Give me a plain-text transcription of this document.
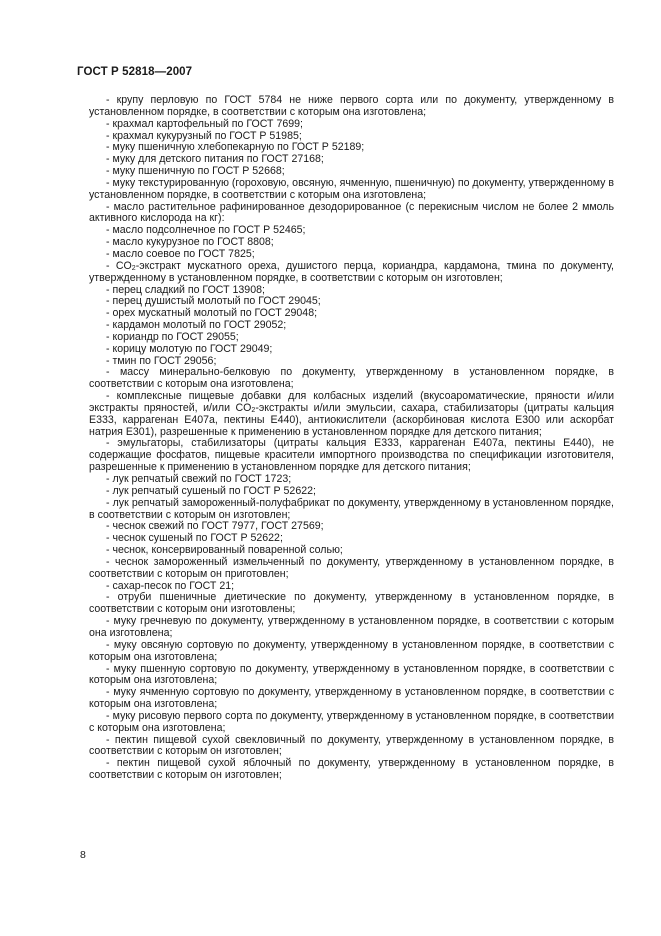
ГОСТ Р 52818—2007

- крупу перловую по ГОСТ 5784 не ниже первого сорта или по документу, утвержденному в установленном порядке, в соответствии с которым она изготовлена;

- крахмал картофельный по ГОСТ 7699;

- крахмал кукурузный по ГОСТ Р 51985;

- муку пшеничную хлебопекарную по ГОСТ Р 52189;

- муку для детского питания по ГОСТ 27168;

- муку пшеничную по ГОСТ Р 52668;

- муку текстурированную (гороховую, овсяную, ячменную, пшеничную) по документу, утвержденному в установленном порядке, в соответствии с которым она изготовлена;

- масло растительное рафинированное дезодорированное (с перекисным числом не более 2 ммоль активного кислорода на кг):

- масло подсолнечное по ГОСТ Р 52465;

- масло кукурузное по ГОСТ 8808;

- масло соевое по ГОСТ 7825;

- $CO_2$-экстракт мускатного ореха, душистого перца, кориандра, кардамона, тмина по документу, утвержденному в установленном порядке, в соответствии с которым он изготовлен;

- перец сладкий по ГОСТ 13908;

- перец душистый молотый по ГОСТ 29045;

- орех мускатный молотый по ГОСТ 29048;

- кардамон молотый по ГОСТ 29052;

- кориандр по ГОСТ 29055;

- корицу молотую по ГОСТ 29049;

- тмин по ГОСТ 29056;

- массу минерально-белковую по документу, утвержденному в установленном порядке, в соответствии с которым она изготовлена;

- комплексные пищевые добавки для колбасных изделий (вкусоароматические, пряности и/или экстракты пряностей, и/или $CO_2$-экстракты и/или эмульсии, сахара, стабилизаторы (цитраты кальция Е333, каррагенан Е407а, пектины Е440), антиокислители (аскорбиновая кислота Е300 или аскорбат натрия Е301), разрешенные к применению в установленном порядке для детского питания;

- эмульгаторы, стабилизаторы (цитраты кальция Е333, каррагенан Е407а, пектины Е440), не содержащие фосфатов, пищевые красители импортного производства по спецификации изготовителя, разрешенные к применению в установленном порядке для детского питания;

- лук репчатый свежий по ГОСТ 1723;

- лук репчатый сушеный по ГОСТ Р 52622;

- лук репчатый замороженный-полуфабрикат по документу, утвержденному в установленном порядке, в соответствии с которым он изготовлен;

- чеснок свежий по ГОСТ 7977, ГОСТ 27569;

- чеснок сушеный по ГОСТ Р 52622;

- чеснок, консервированный поваренной солью;

- чеснок замороженный измельченный по документу, утвержденному в установленном порядке, в соответствии с которым он приготовлен;

- сахар-песок по ГОСТ 21;

- отруби пшеничные диетические по документу, утвержденному в установленном порядке, в соответствии с которым они изготовлены;

- муку гречневую по документу, утвержденному в установленном порядке, в соответствии с которым она изготовлена;

- муку овсяную сортовую по документу, утвержденному в установленном порядке, в соответствии с которым она изготовлена;

- муку пшенную сортовую по документу, утвержденному в установленном порядке, в соответствии с которым она изготовлена;

- муку ячменную сортовую по документу, утвержденному в установленном порядке, в соответствии с которым она изготовлена;

- муку рисовую первого сорта по документу, утвержденному в установленном порядке, в соответствии с которым она изготовлена;

- пектин пищевой сухой свекловичный по документу, утвержденному в установленном порядке, в соответствии с которым он изготовлен;

- пектин пищевой сухой яблочный по документу, утвержденному в установленном порядке, в соответствии с которым он изготовлен;

8
